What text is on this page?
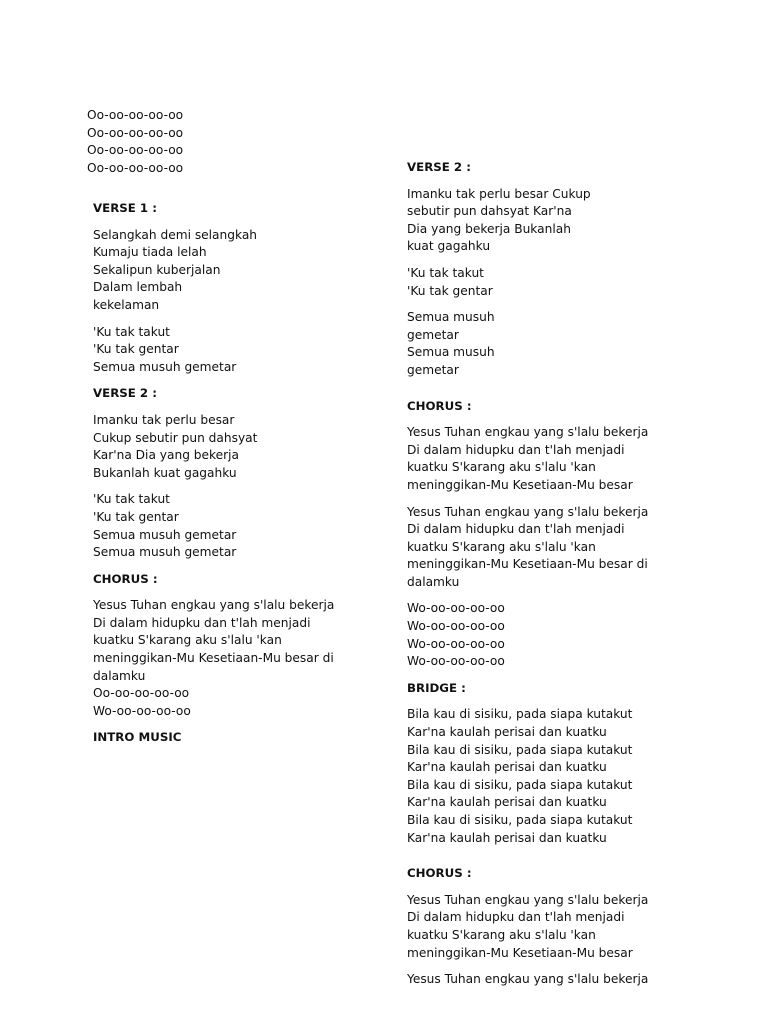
Oo-oo-oo-oo-oo
Oo-oo-oo-oo-oo
Oo-oo-oo-oo-oo
Oo-oo-oo-oo-oo
VERSE 1 :
Selangkah demi selangkah
Kumaju tiada lelah
Sekalipun kuberjalan
Dalam lembah
kekelaman
'Ku tak takut
'Ku tak gentar
Semua musuh gemetar
VERSE 2 :
Imanku tak perlu besar
Cukup sebutir pun dahsyat
Kar'na Dia yang bekerja
Bukanlah kuat gagahku
'Ku tak takut
'Ku tak gentar
Semua musuh gemetar
Semua musuh gemetar
CHORUS :
Yesus Tuhan engkau yang s'lalu bekerja
Di dalam hidupku dan t'lah menjadi
kuatku S'karang aku s'lalu 'kan
meninggikan-Mu Kesetiaan-Mu besar di
dalamku
Oo-oo-oo-oo-oo
Wo-oo-oo-oo-oo
INTRO MUSIC
VERSE 2 :
Imanku tak perlu besar Cukup
sebutir pun dahsyat Kar'na
Dia yang bekerja Bukanlah
kuat gagahku
'Ku tak takut
'Ku tak gentar
Semua musuh
gemetar
Semua musuh
gemetar
CHORUS :
Yesus Tuhan engkau yang s'lalu bekerja
Di dalam hidupku dan t'lah menjadi
kuatku S'karang aku s'lalu 'kan
meninggikan-Mu Kesetiaan-Mu besar
Yesus Tuhan engkau yang s'lalu bekerja
Di dalam hidupku dan t'lah menjadi
kuatku S'karang aku s'lalu 'kan
meninggikan-Mu Kesetiaan-Mu besar di
dalamku
Wo-oo-oo-oo-oo
Wo-oo-oo-oo-oo
Wo-oo-oo-oo-oo
Wo-oo-oo-oo-oo
BRIDGE :
Bila kau di sisiku, pada siapa kutakut
Kar'na kaulah perisai dan kuatku
Bila kau di sisiku, pada siapa kutakut
Kar'na kaulah perisai dan kuatku
Bila kau di sisiku, pada siapa kutakut
Kar'na kaulah perisai dan kuatku
Bila kau di sisiku, pada siapa kutakut
Kar'na kaulah perisai dan kuatku
CHORUS :
Yesus Tuhan engkau yang s'lalu bekerja
Di dalam hidupku dan t'lah menjadi
kuatku S'karang aku s'lalu 'kan
meninggikan-Mu Kesetiaan-Mu besar
Yesus Tuhan engkau yang s'lalu bekerja
